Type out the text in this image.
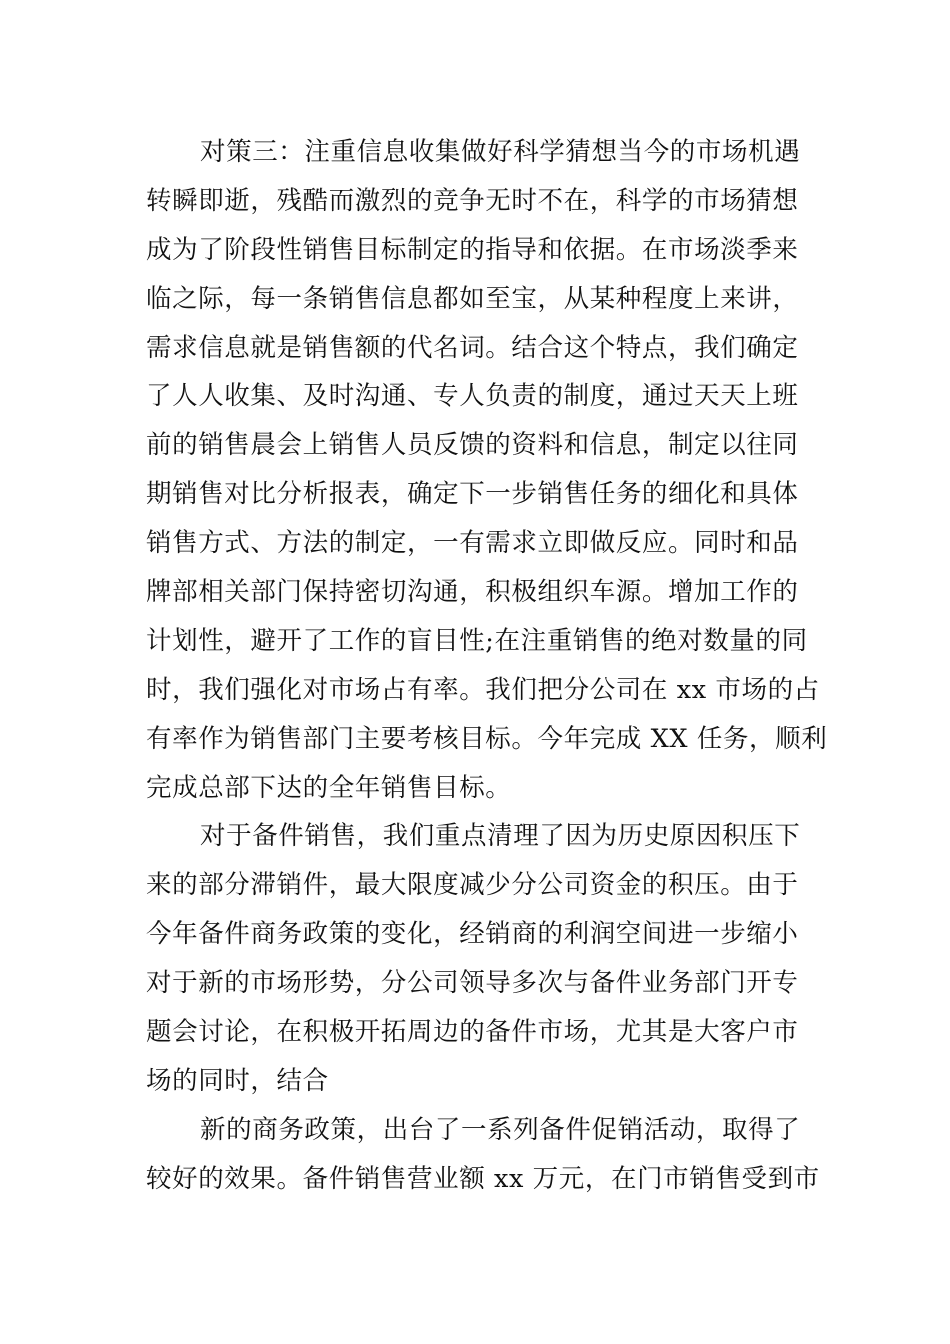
对策三：注重信息收集做好科学猜想当今的市场机遇
转瞬即逝，残酷而激烈的竞争无时不在，科学的市场猜想
成为了阶段性销售目标制定的指导和依据。在市场淡季来
临之际，每一条销售信息都如至宝，从某种程度上来讲，
需求信息就是销售额的代名词。结合这个特点，我们确定
了人人收集、及时沟通、专人负责的制度，通过天天上班
前的销售晨会上销售人员反馈的资料和信息，制定以往同
期销售对比分析报表，确定下一步销售任务的细化和具体
销售方式、方法的制定，一有需求立即做反应。同时和品
牌部相关部门保持密切沟通，积极组织车源。增加工作的
计划性，避开了工作的盲目性;在注重销售的绝对数量的同
时，我们强化对市场占有率。我们把分公司在 xx 市场的占
有率作为销售部门主要考核目标。今年完成 XX 任务，顺利
完成总部下达的全年销售目标。
对于备件销售，我们重点清理了因为历史原因积压下
来的部分滞销件，最大限度减少分公司资金的积压。由于
今年备件商务政策的变化，经销商的利润空间进一步缩小
对于新的市场形势，分公司领导多次与备件业务部门开专
题会讨论，在积极开拓周边的备件市场，尤其是大客户市
场的同时，结合
新的商务政策，出台了一系列备件促销活动，取得了
较好的效果。备件销售营业额 xx 万元，在门市销售受到市
